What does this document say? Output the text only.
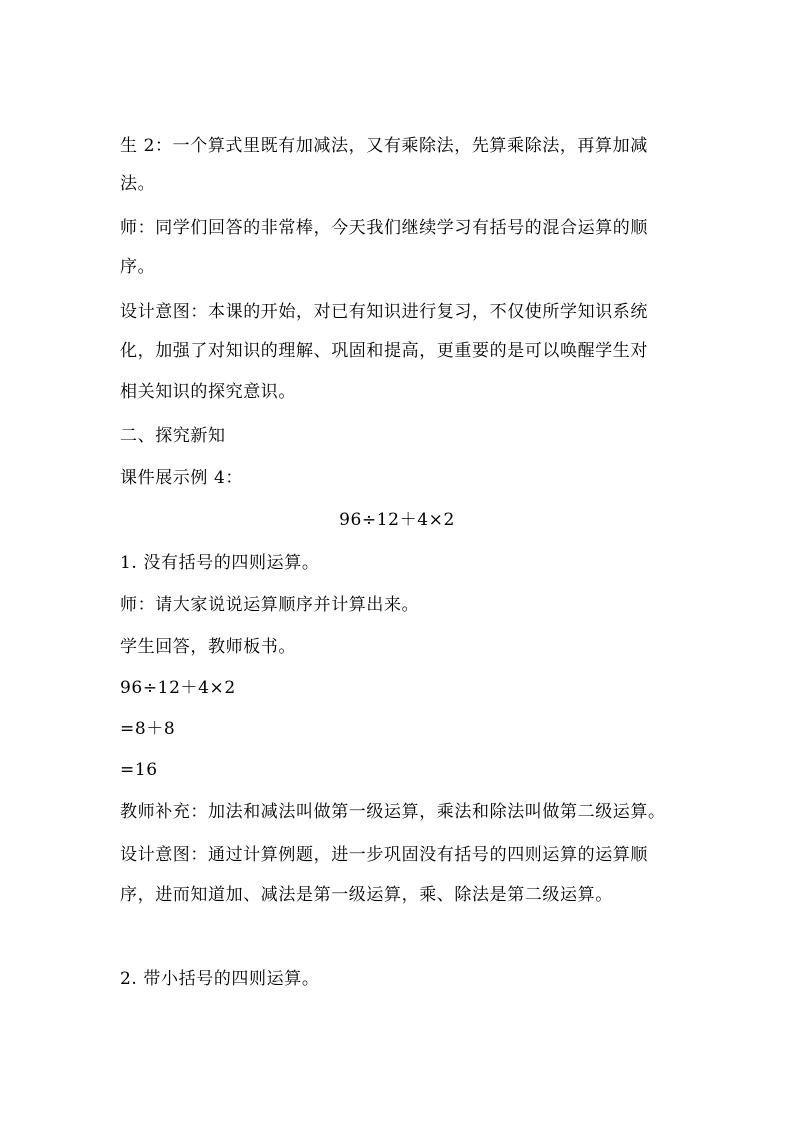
生 2：一个算式里既有加减法，又有乘除法，先算乘除法，再算加减
法。
师：同学们回答的非常棒，今天我们继续学习有括号的混合运算的顺
序。
设计意图：本课的开始，对已有知识进行复习，不仅使所学知识系统
化，加强了对知识的理解、巩固和提高，更重要的是可以唤醒学生对
相关知识的探究意识。
二、探究新知
课件展示例 4：
96÷12＋4×2
1. 没有括号的四则运算。
师：请大家说说运算顺序并计算出来。
学生回答，教师板书。
96÷12＋4×2
=8＋8
=16
教师补充：加法和减法叫做第一级运算，乘法和除法叫做第二级运算。
设计意图：通过计算例题，进一步巩固没有括号的四则运算的运算顺
序，进而知道加、减法是第一级运算，乘、除法是第二级运算。
2. 带小括号的四则运算。
